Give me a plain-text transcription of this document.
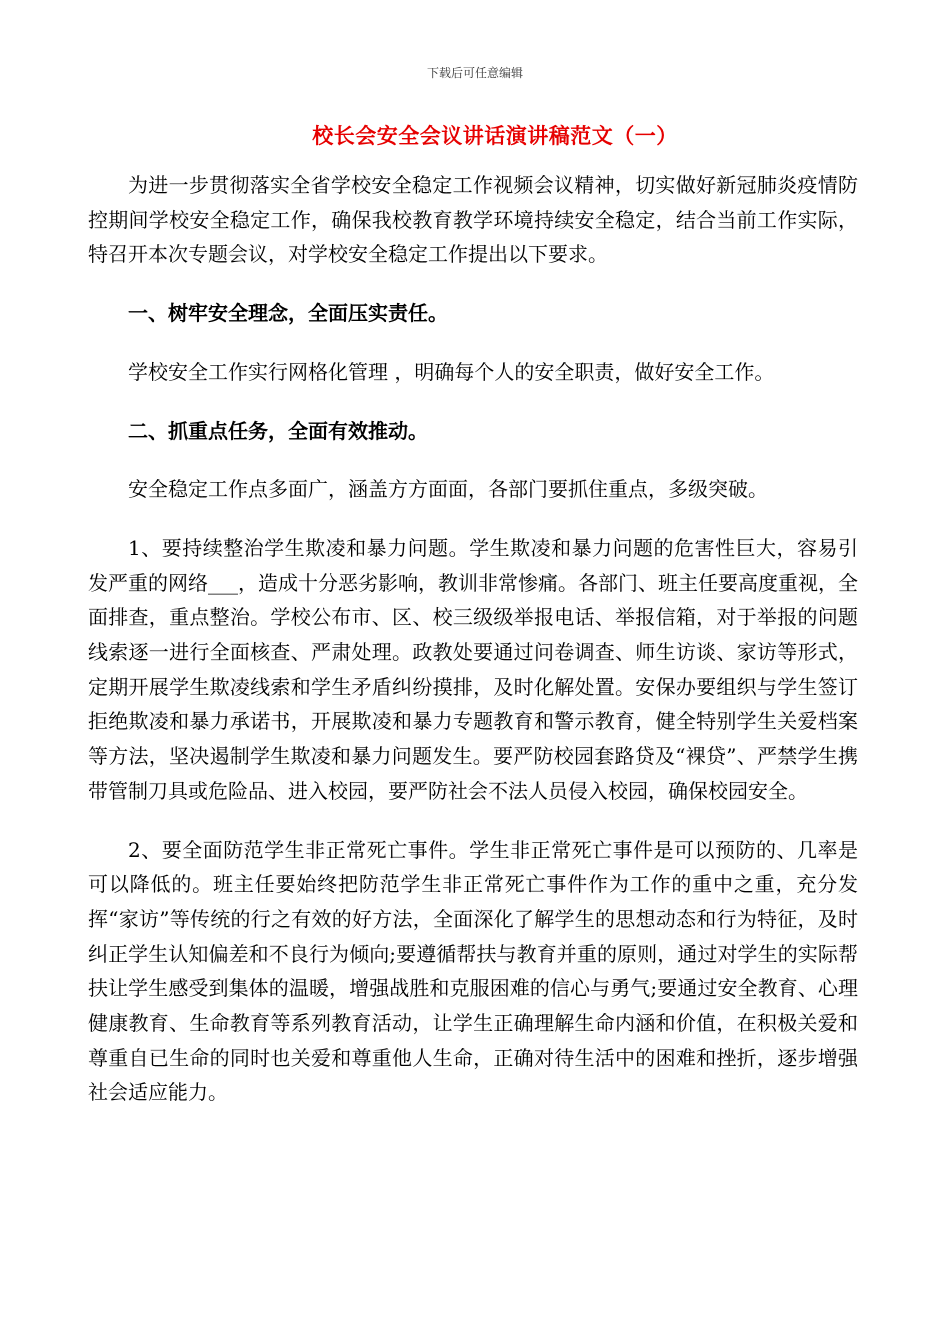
下载后可任意编辑
校长会安全会议讲话演讲稿范文（一）

为进一步贯彻落实全省学校安全稳定工作视频会议精神，切实做好新冠肺炎疫情防控期间学校安全稳定工作，确保我校教育教学环境持续安全稳定，结合当前工作实际，特召开本次专题会议，对学校安全稳定工作提出以下要求。

一、树牢安全理念，全面压实责任。

学校安全工作实行网格化管理 ，明确每个人的安全职责，做好安全工作。

二、抓重点任务，全面有效推动。

安全稳定工作点多面广，涵盖方方面面，各部门要抓住重点，多级突破。

1、要持续整治学生欺凌和暴力问题。学生欺凌和暴力问题的危害性巨大，容易引发严重的网络___，造成十分恶劣影响，教训非常惨痛。各部门、班主任要高度重视，全面排查，重点整治。学校公布市、区、校三级级举报电话、举报信箱，对于举报的问题线索逐一进行全面核查、严肃处理。政教处要通过问卷调查、师生访谈、家访等形式，定期开展学生欺凌线索和学生矛盾纠纷摸排，及时化解处置。安保办要组织与学生签订拒绝欺凌和暴力承诺书，开展欺凌和暴力专题教育和警示教育，健全特别学生关爱档案等方法，坚决遏制学生欺凌和暴力问题发生。要严防校园套路贷及“裸贷”、严禁学生携带管制刀具或危险品、进入校园，要严防社会不法人员侵入校园，确保校园安全。

2、要全面防范学生非正常死亡事件。学生非正常死亡事件是可以预防的、几率是可以降低的。班主任要始终把防范学生非正常死亡事件作为工作的重中之重，充分发挥“家访”等传统的行之有效的好方法，全面深化了解学生的思想动态和行为特征，及时纠正学生认知偏差和不良行为倾向;要遵循帮扶与教育并重的原则，通过对学生的实际帮扶让学生感受到集体的温暖，增强战胜和克服困难的信心与勇气;要通过安全教育、心理健康教育、生命教育等系列教育活动，让学生正确理解生命内涵和价值，在积极关爱和尊重自已生命的同时也关爱和尊重他人生命，正确对待生活中的困难和挫折，逐步增强社会适应能力。
